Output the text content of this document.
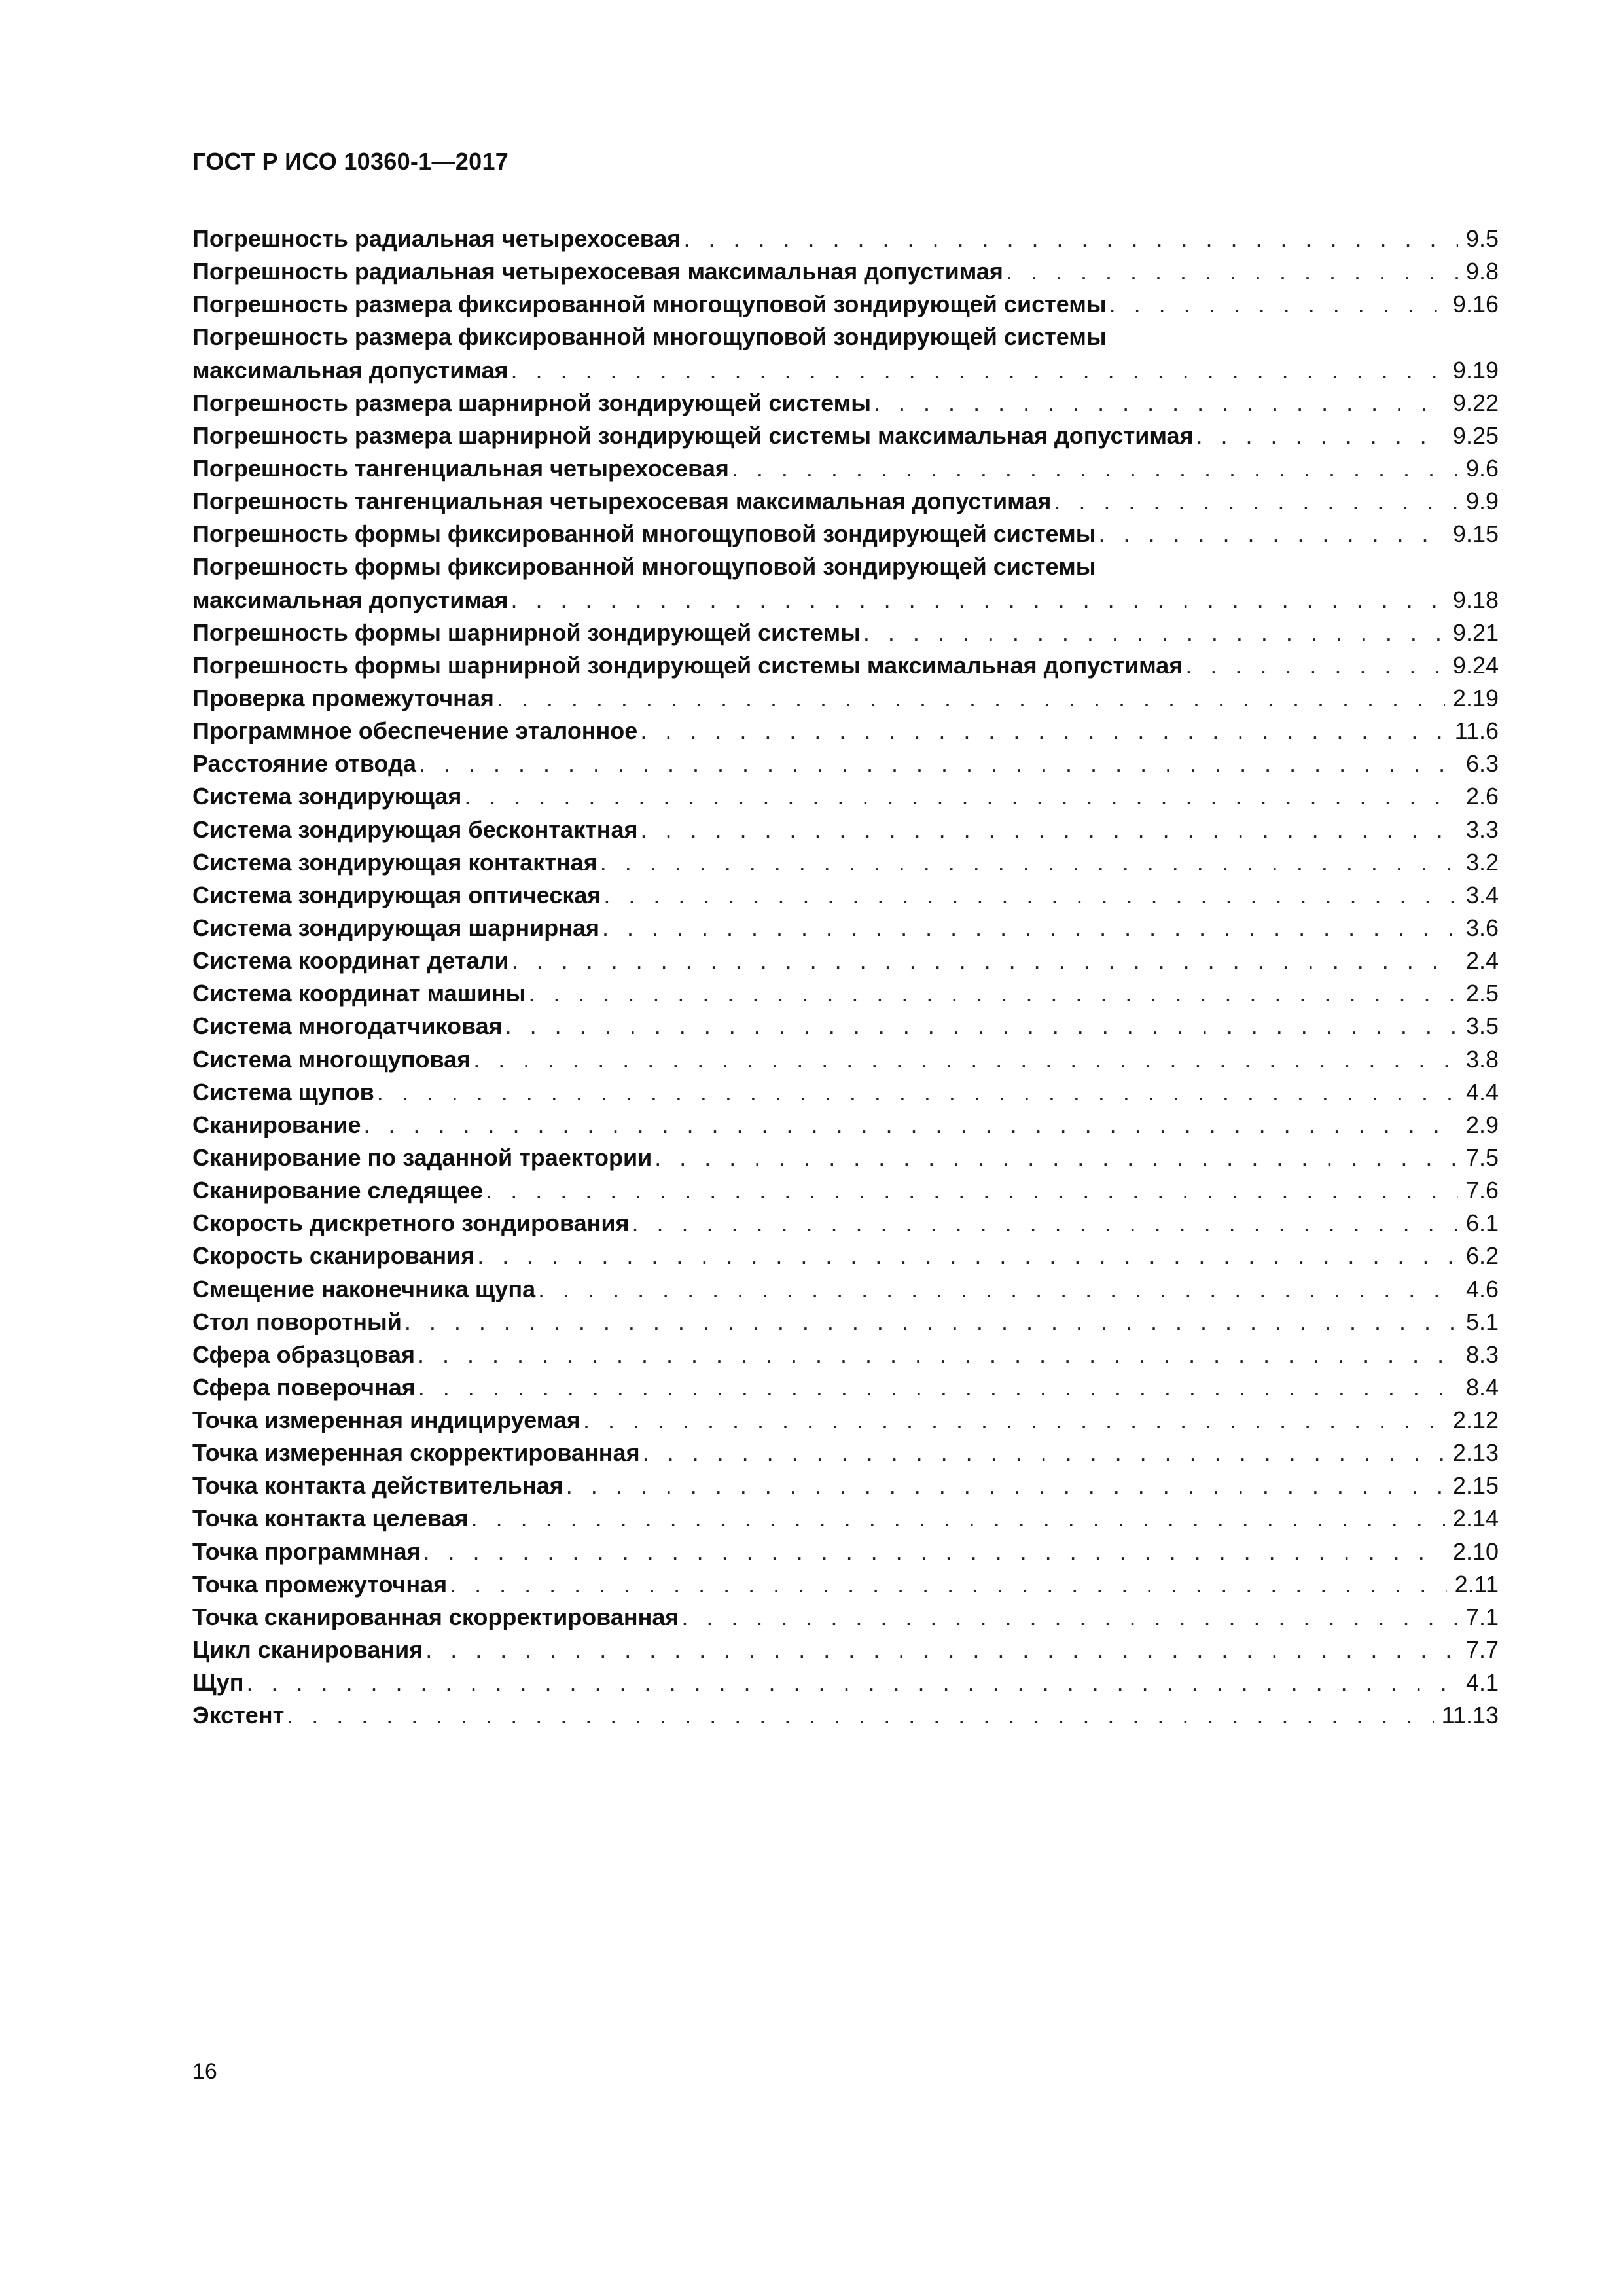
ГОСТ Р ИСО 10360-1—2017
Погрешность радиальная четырехосевая . . .	9.5
Погрешность радиальная четырехосевая максимальная допустимая . . .	9.8
Погрешность размера фиксированной многощуповой зондирующей системы . . .	9.16
Погрешность размера фиксированной многощуповой зондирующей системы
максимальная допустимая . . .	9.19
Погрешность размера шарнирной зондирующей системы . . .	9.22
Погрешность размера шарнирной зондирующей системы максимальная допустимая . . .	9.25
Погрешность тангенциальная четырехосевая . . .	9.6
Погрешность тангенциальная четырехосевая максимальная допустимая . . .	9.9
Погрешность формы фиксированной многощуповой зондирующей системы . . .	9.15
Погрешность формы фиксированной многощуповой зондирующей системы
максимальная допустимая . . .	9.18
Погрешность формы шарнирной зондирующей системы . . .	9.21
Погрешность формы шарнирной зондирующей системы максимальная допустимая . . .	9.24
Проверка промежуточная . . .	2.19
Программное обеспечение эталонное . . .	11.6
Расстояние отвода . . .	6.3
Система зондирующая . . .	2.6
Система зондирующая бесконтактная . . .	3.3
Система зондирующая контактная . . .	3.2
Система зондирующая оптическая . . .	3.4
Система зондирующая шарнирная . . .	3.6
Система координат детали . . .	2.4
Система координат машины . . .	2.5
Система многодатчиковая . . .	3.5
Система многощуповая . . .	3.8
Система щупов . . .	4.4
Сканирование . . .	2.9
Сканирование по заданной траектории . . .	7.5
Сканирование следящее . . .	7.6
Скорость дискретного зондирования . . .	6.1
Скорость сканирования . . .	6.2
Смещение наконечника щупа . . .	4.6
Стол поворотный . . .	5.1
Сфера образцовая . . .	8.3
Сфера поверочная . . .	8.4
Точка измеренная индицируемая . . .	2.12
Точка измеренная скорректированная . . .	2.13
Точка контакта действительная . . .	2.15
Точка контакта целевая . . .	2.14
Точка программная . . .	2.10
Точка промежуточная . . .	2.11
Точка сканированная скорректированная . . .	7.1
Цикл сканирования . . .	7.7
Щуп . . .	4.1
Экстент . . .	11.13
16
